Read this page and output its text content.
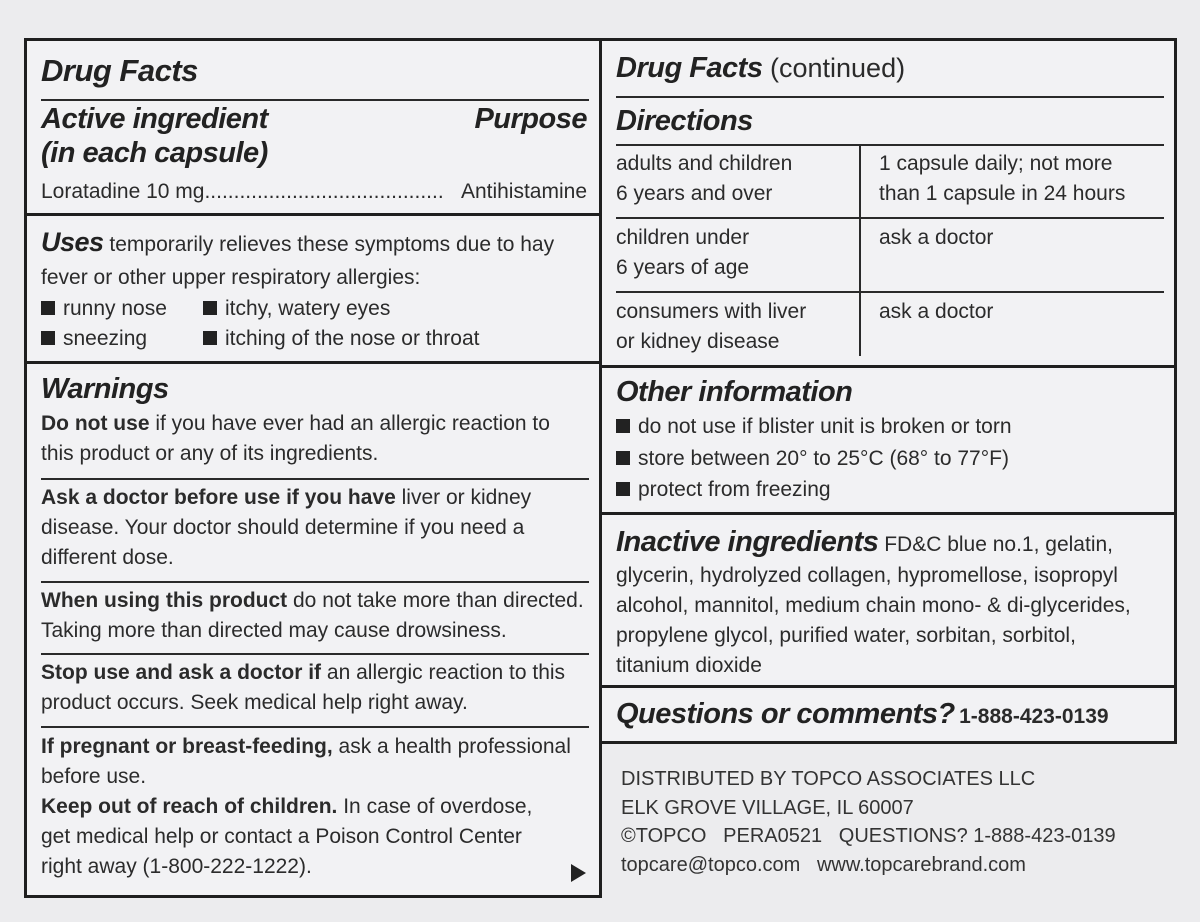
Drug Facts
Active ingredient
(in each capsule)
Purpose
Loratadine 10 mg......................................... Antihistamine
Uses temporarily relieves these symptoms due to hay
fever or other upper respiratory allergies:
runny nose	itchy, watery eyes
sneezing	itching of the nose or throat
Warnings
Do not use if you have ever had an allergic reaction to
this product or any of its ingredients.
Ask a doctor before use if you have liver or kidney
disease. Your doctor should determine if you need a
different dose.
When using this product do not take more than directed.
Taking more than directed may cause drowsiness.
Stop use and ask a doctor if an allergic reaction to this
product occurs. Seek medical help right away.
If pregnant or breast-feeding, ask a health professional
before use.
Keep out of reach of children. In case of overdose,
get medical help or contact a Poison Control Center
right away (1-800-222-1222).
Drug Facts (continued)
Directions
adults and children
6 years and over
1 capsule daily; not more
than 1 capsule in 24 hours
children under
6 years of age
ask a doctor
consumers with liver
or kidney disease
ask a doctor
Other information
do not use if blister unit is broken or torn
store between 20° to 25°C (68° to 77°F)
protect from freezing
Inactive ingredients FD&C blue no.1, gelatin,
glycerin, hydrolyzed collagen, hypromellose, isopropyl
alcohol, mannitol, medium chain mono- & di-glycerides,
propylene glycol, purified water, sorbitan, sorbitol,
titanium dioxide
Questions or comments? 1-888-423-0139
DISTRIBUTED BY TOPCO ASSOCIATES LLC
ELK GROVE VILLAGE, IL 60007
©TOPCO   PERA0521   QUESTIONS? 1-888-423-0139
topcare@topco.com   www.topcarebrand.com
